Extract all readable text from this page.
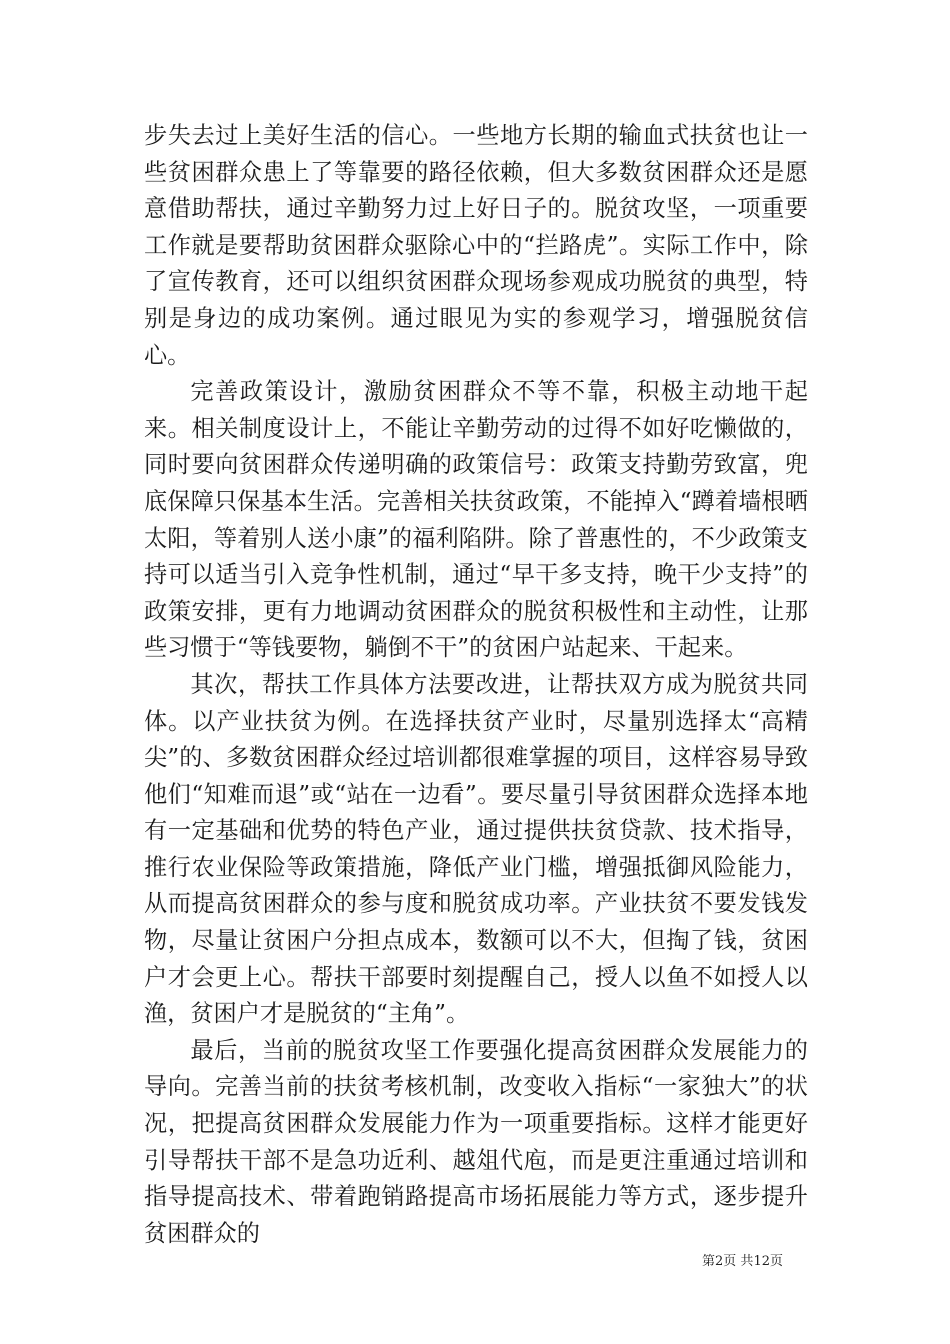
步失去过上美好生活的信心。一些地方长期的输血式扶贫也让一些贫困群众患上了等靠要的路径依赖，但大多数贫困群众还是愿意借助帮扶，通过辛勤努力过上好日子的。脱贫攻坚，一项重要工作就是要帮助贫困群众驱除心中的“拦路虎”。实际工作中，除了宣传教育，还可以组织贫困群众现场参观成功脱贫的典型，特别是身边的成功案例。通过眼见为实的参观学习，增强脱贫信心。

完善政策设计，激励贫困群众不等不靠，积极主动地干起来。相关制度设计上，不能让辛勤劳动的过得不如好吃懒做的，同时要向贫困群众传递明确的政策信号：政策支持勤劳致富，兜底保障只保基本生活。完善相关扶贫政策，不能掉入“蹲着墙根晒太阳，等着别人送小康”的福利陷阱。除了普惠性的，不少政策支持可以适当引入竞争性机制，通过“早干多支持，晚干少支持”的政策安排，更有力地调动贫困群众的脱贫积极性和主动性，让那些习惯于“等钱要物，躺倒不干”的贫困户站起来、干起来。

其次，帮扶工作具体方法要改进，让帮扶双方成为脱贫共同体。以产业扶贫为例。在选择扶贫产业时，尽量别选择太“高精尖”的、多数贫困群众经过培训都很难掌握的项目，这样容易导致他们“知难而退”或“站在一边看”。要尽量引导贫困群众选择本地有一定基础和优势的特色产业，通过提供扶贫贷款、技术指导，推行农业保险等政策措施，降低产业门槛，增强抵御风险能力，从而提高贫困群众的参与度和脱贫成功率。产业扶贫不要发钱发物，尽量让贫困户分担点成本，数额可以不大，但掏了钱，贫困户才会更上心。帮扶干部要时刻提醒自己，授人以鱼不如授人以渔，贫困户才是脱贫的“主角”。

最后，当前的脱贫攻坚工作要强化提高贫困群众发展能力的导向。完善当前的扶贫考核机制，改变收入指标“一家独大”的状况，把提高贫困群众发展能力作为一项重要指标。这样才能更好引导帮扶干部不是急功近利、越俎代庖，而是更注重通过培训和指导提高技术、带着跑销路提高市场拓展能力等方式，逐步提升贫困群众的

第2页 共12页
